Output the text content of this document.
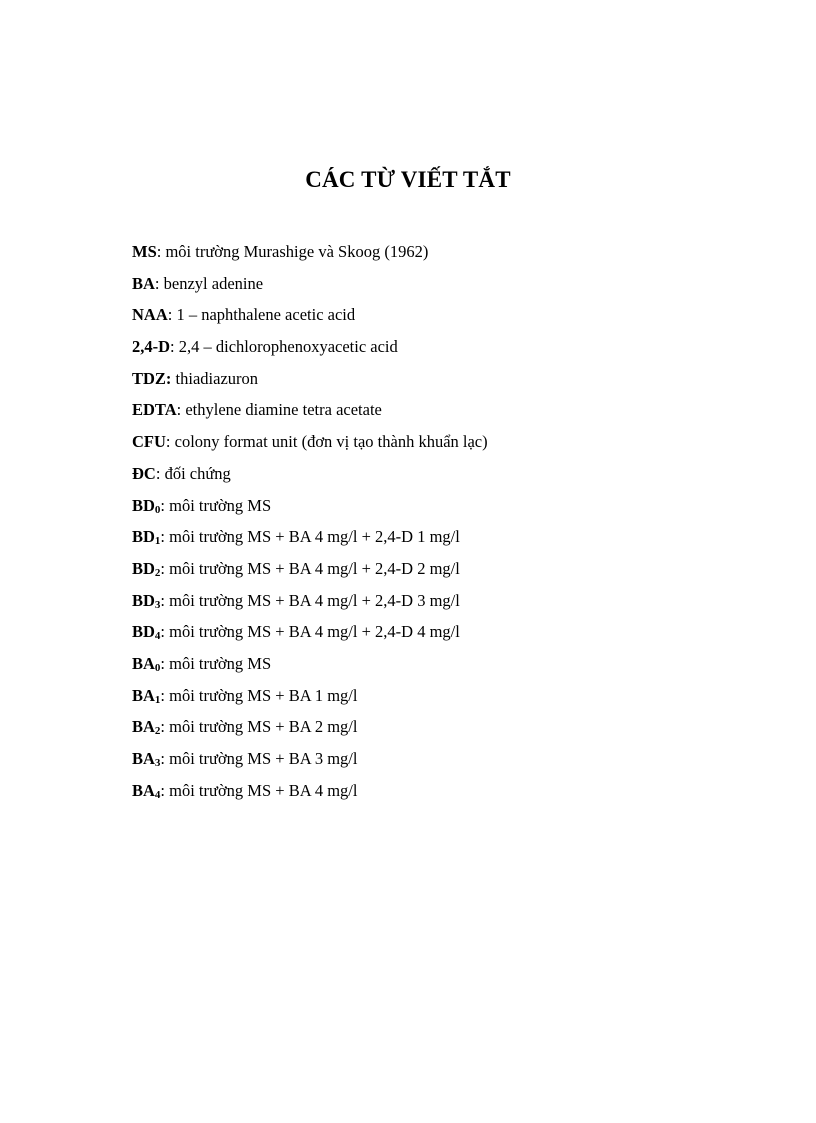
CÁC TỪ VIẾT TẮT
MS: môi trường Murashige và Skoog (1962)
BA: benzyl adenine
NAA: 1 – naphthalene acetic acid
2,4-D: 2,4 – dichlorophenoxyacetic acid
TDZ: thiadiazuron
EDTA: ethylene diamine tetra acetate
CFU: colony format unit (đơn vị tạo thành khuẩn lạc)
ĐC: đối chứng
$BD_0$: môi trường MS
$BD_1$: môi trường MS + BA 4 mg/l + 2,4-D 1 mg/l
$BD_2$: môi trường MS + BA 4 mg/l + 2,4-D 2 mg/l
$BD_3$: môi trường MS + BA 4 mg/l + 2,4-D 3 mg/l
$BD_4$: môi trường MS + BA 4 mg/l + 2,4-D 4 mg/l
$BA_0$: môi trường MS
$BA_1$: môi trường MS + BA 1 mg/l
$BA_2$: môi trường MS + BA 2 mg/l
$BA_3$: môi trường MS + BA 3 mg/l
$BA_4$: môi trường MS + BA 4 mg/l
